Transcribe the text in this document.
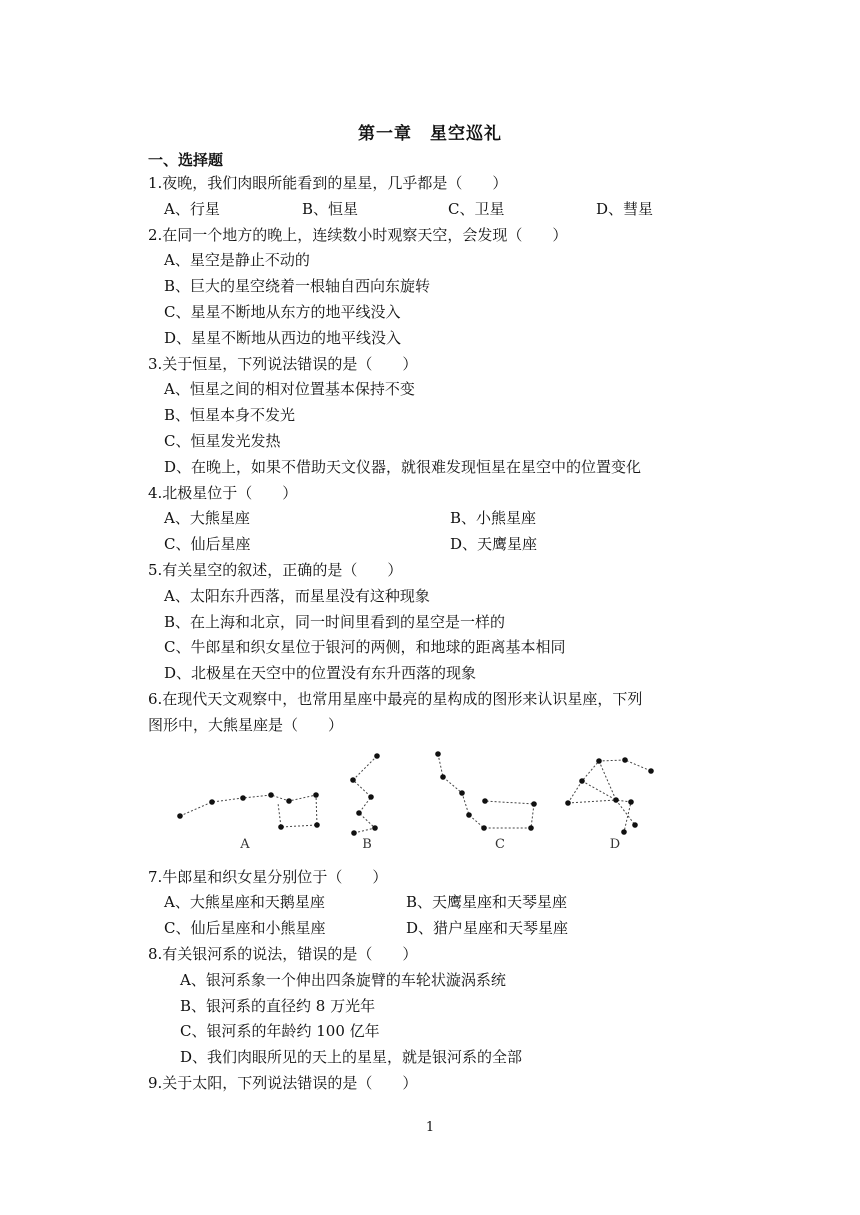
第一章 星空巡礼
一、选择题
1.夜晚，我们肉眼所能看到的星星，几乎都是（　　）
A、行星	B、恒星	C、卫星	D、彗星
2.在同一个地方的晚上，连续数小时观察天空，会发现（　　）
A、星空是静止不动的
B、巨大的星空绕着一根轴自西向东旋转
C、星星不断地从东方的地平线没入
D、星星不断地从西边的地平线没入
3.关于恒星，下列说法错误的是（　　）
A、恒星之间的相对位置基本保持不变
B、恒星本身不发光
C、恒星发光发热
D、在晚上，如果不借助天文仪器，就很难发现恒星在星空中的位置变化
4.北极星位于（　　）
A、大熊星座	B、小熊星座
C、仙后星座	D、天鹰星座
5.有关星空的叙述，正确的是（　　）
A、太阳东升西落，而星星没有这种现象
B、在上海和北京，同一时间里看到的星空是一样的
C、牛郎星和织女星位于银河的两侧，和地球的距离基本相同
D、北极星在天空中的位置没有东升西落的现象
6.在现代天文观察中，也常用星座中最亮的星构成的图形来认识星座，下列
图形中，大熊星座是（　　）
A	B	C	D
7.牛郎星和织女星分别位于（　　）
A、大熊星座和天鹅星座	B、天鹰星座和天琴星座
C、仙后星座和小熊星座	D、猎户星座和天琴星座
8.有关银河系的说法，错误的是（　　）
A、银河系象一个伸出四条旋臂的车轮状漩涡系统
B、银河系的直径约 8 万光年
C、银河系的年龄约 100 亿年
D、我们肉眼所见的天上的星星，就是银河系的全部
9.关于太阳，下列说法错误的是（　　）
1
